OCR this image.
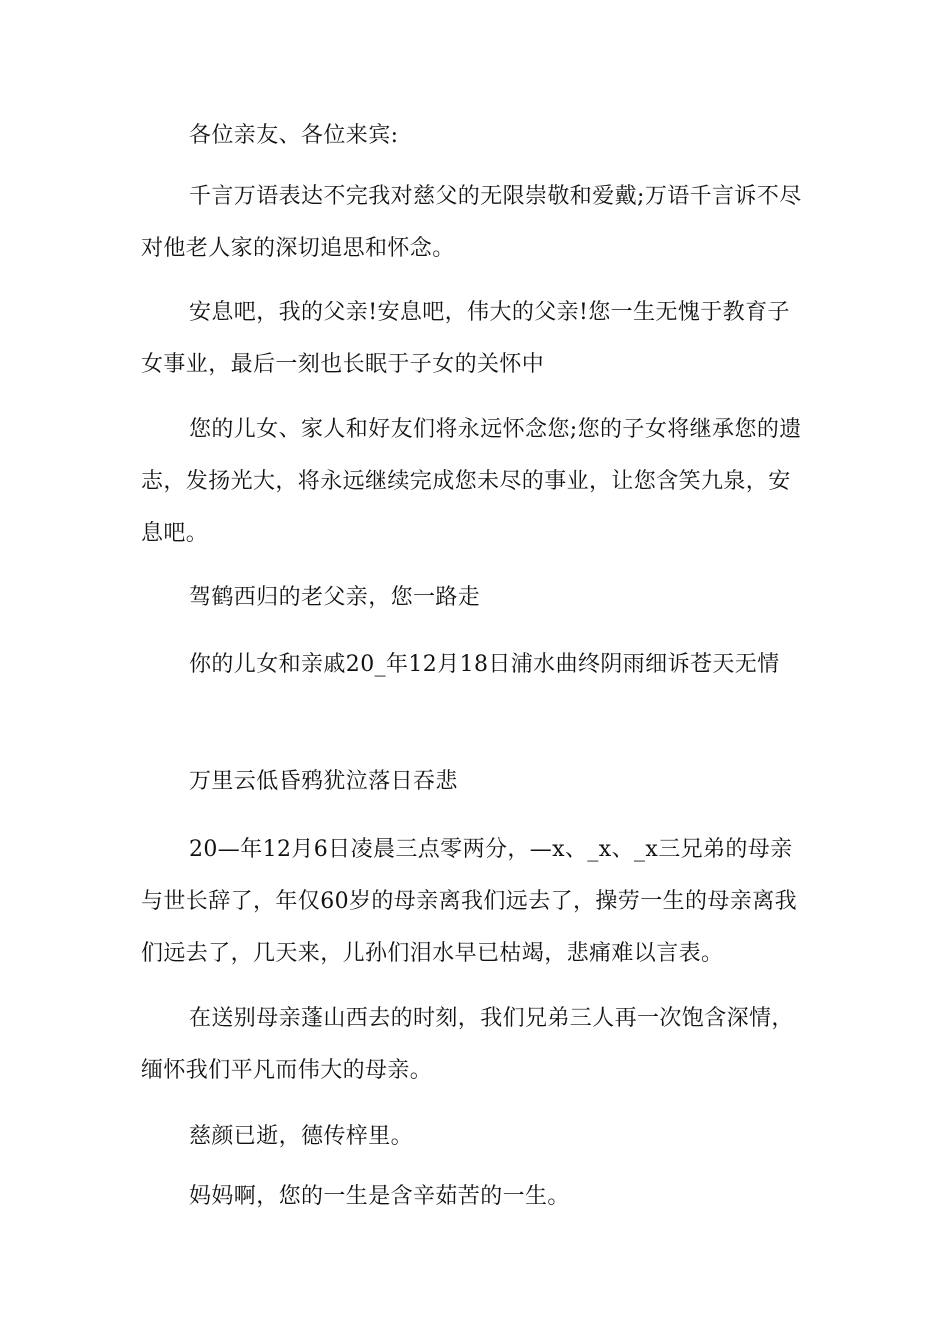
各位亲友、各位来宾:

千言万语表达不完我对慈父的无限崇敬和爱戴;万语千言诉不尽对他老人家的深切追思和怀念。

安息吧，我的父亲!安息吧，伟大的父亲!您一生无愧于教育子女事业，最后一刻也长眠于子女的关怀中

您的儿女、家人和好友们将永远怀念您;您的子女将继承您的遗志，发扬光大，将永远继续完成您未尽的事业，让您含笑九泉，安息吧。

驾鹤西归的老父亲，您一路走

你的儿女和亲戚20_年12月18日浦水曲终阴雨细诉苍天无情

万里云低昏鸦犹泣落日吞悲

20—年12月6日凌晨三点零两分，—x、_x、_x三兄弟的母亲与世长辞了，年仅60岁的母亲离我们远去了，操劳一生的母亲离我们远去了，几天来，儿孙们泪水早已枯竭，悲痛难以言表。

在送别母亲蓬山西去的时刻，我们兄弟三人再一次饱含深情，缅怀我们平凡而伟大的母亲。

慈颜已逝，德传梓里。

妈妈啊，您的一生是含辛茹苦的一生。
